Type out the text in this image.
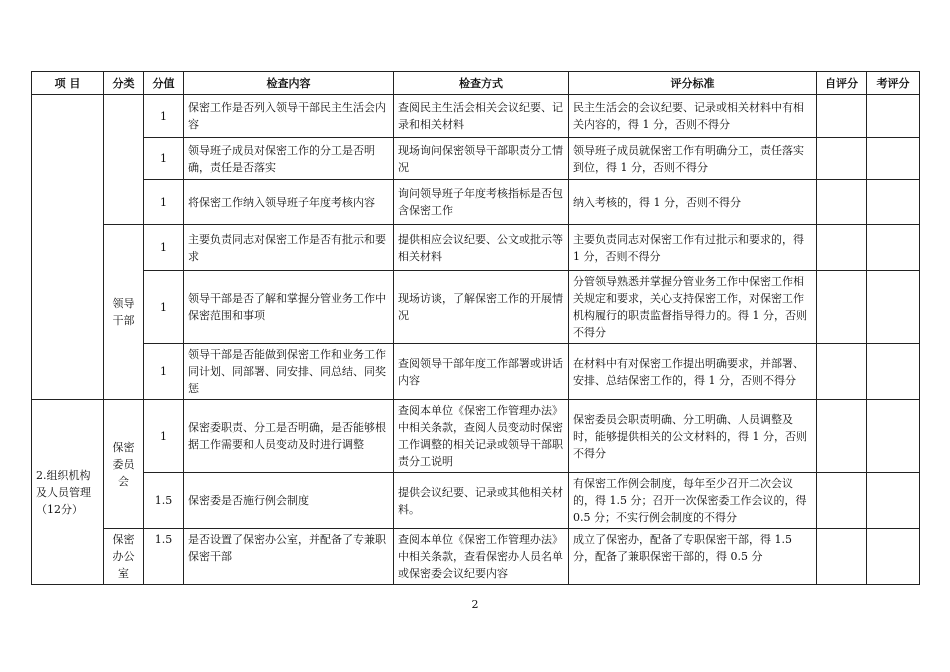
项 目	分类	分值	检查内容	检查方式	评分标准	自评分	考评分
		1	保密工作是否列入领导干部民主生活会内容	查阅民主生活会相关会议纪要、记录和相关材料	民主生活会的会议纪要、记录或相关材料中有相关内容的，得 1 分，否则不得分		
		1	领导班子成员对保密工作的分工是否明确，责任是否落实	现场询问保密领导干部职责分工情况	领导班子成员就保密工作有明确分工，责任落实到位，得 1 分，否则不得分		
		1	将保密工作纳入领导班子年度考核内容	询问领导班子年度考核指标是否包含保密工作	纳入考核的，得 1 分，否则不得分		

	领导干部	1	主要负责同志对保密工作是否有批示和要求	提供相应会议纪要、公文或批示等相关材料	主要负责同志对保密工作有过批示和要求的，得 1 分，否则不得分		
		1	领导干部是否了解和掌握分管业务工作中保密范围和事项	现场访谈，了解保密工作的开展情况	分管领导熟悉并掌握分管业务工作中保密工作相关规定和要求，关心支持保密工作，对保密工作机构履行的职责监督指导得力的。得 1 分，否则不得分		
		1	领导干部是否能做到保密工作和业务工作同计划、同部署、同安排、同总结、同奖惩	查阅领导干部年度工作部署或讲话内容	在材料中有对保密工作提出明确要求，并部署、安排、总结保密工作的，得 1 分，否则不得分		

2.组织机构及人员管理（12分）	保密委员会	1	保密委职责、分工是否明确，是否能够根据工作需要和人员变动及时进行调整	查阅本单位《保密工作管理办法》中相关条款，查阅人员变动时保密工作调整的相关记录或领导干部职责分工说明	保密委员会职责明确、分工明确、人员调整及时，能够提供相关的公文材料的，得 1 分，否则不得分		
		1.5	保密委是否施行例会制度	提供会议纪要、记录或其他相关材料。	有保密工作例会制度，每年至少召开二次会议的，得 1.5 分；召开一次保密委工作会议的，得 0.5 分；不实行例会制度的不得分		

	保密办公室	1.5	是否设置了保密办公室，并配备了专兼职保密干部	查阅本单位《保密工作管理办法》中相关条款，查看保密办人员名单或保密委会议纪要内容	成立了保密办，配备了专职保密干部，得 1.5 分，配备了兼职保密干部的，得 0.5 分		
2
